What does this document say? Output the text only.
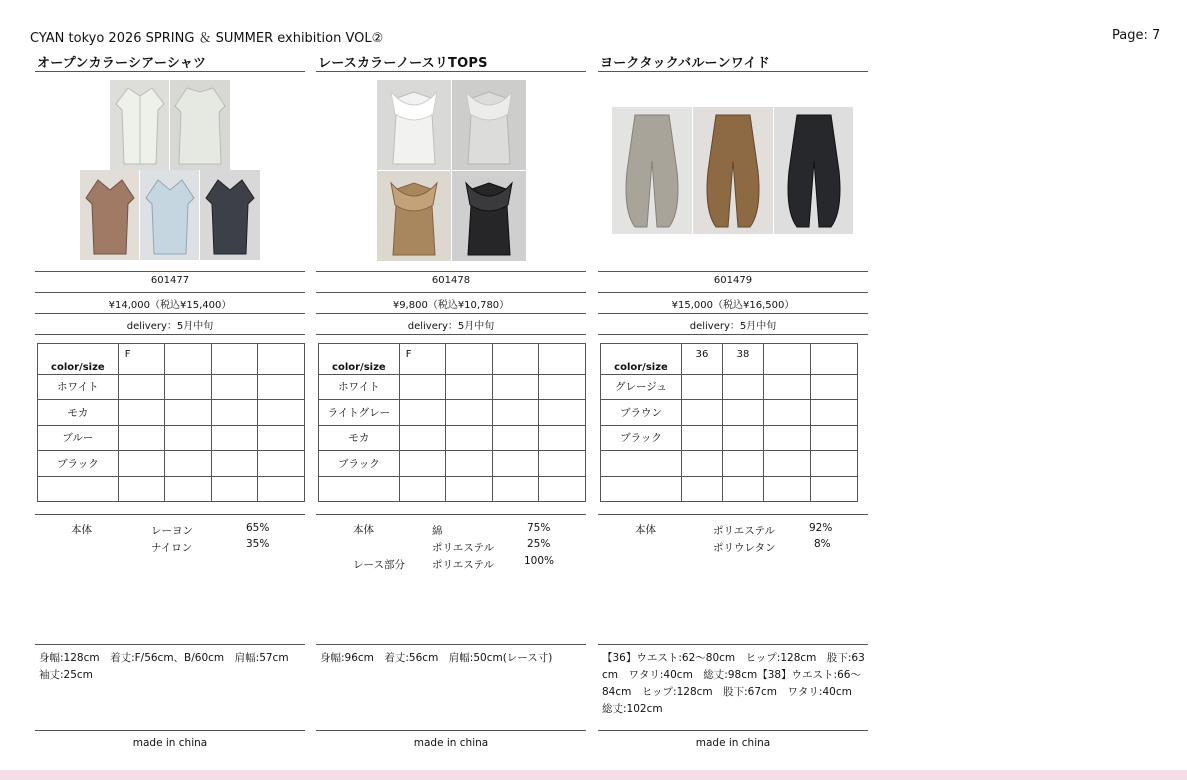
CYAN tokyo 2026 SPRING ＆ SUMMER exhibition VOL②	Page: 7
オープンカラーシアーシャツ
601477
¥14,000（税込¥15,400）
delivery：5月中旬
color/size	F			
ホワイト				
モカ				
ブルー				
ブラック				

本体	レーヨン	65%
ナイロン	35%
身幅:128cm　着丈:F/56cm、B/60cm　肩幅:57cm　袖丈:25cm
made in china
レースカラーノースリTOPS
601478
¥9,800（税込¥10,780）
delivery：5月中旬
color/size	F			
ホワイト				
ライトグレー				
モカ				
ブラック				

本体	綿	75%
ポリエステル	25%
レース部分	ポリエステル	100%
身幅:96cm　着丈:56cm　肩幅:50cm(レース寸)
made in china
ヨークタックバルーンワイド
601479
¥15,000（税込¥16,500）
delivery：5月中旬
color/size	36	38		
グレージュ				
ブラウン				
ブラック				

本体	ポリエステル	92%
ポリウレタン	8%
【36】ウエスト:62～80cm　ヒップ:128cm　股下:63cm　ワタリ:40cm　総丈:98cm【38】ウエスト:66～84cm　ヒップ:128cm　股下:67cm　ワタリ:40cm　総丈:102cm
made in china
